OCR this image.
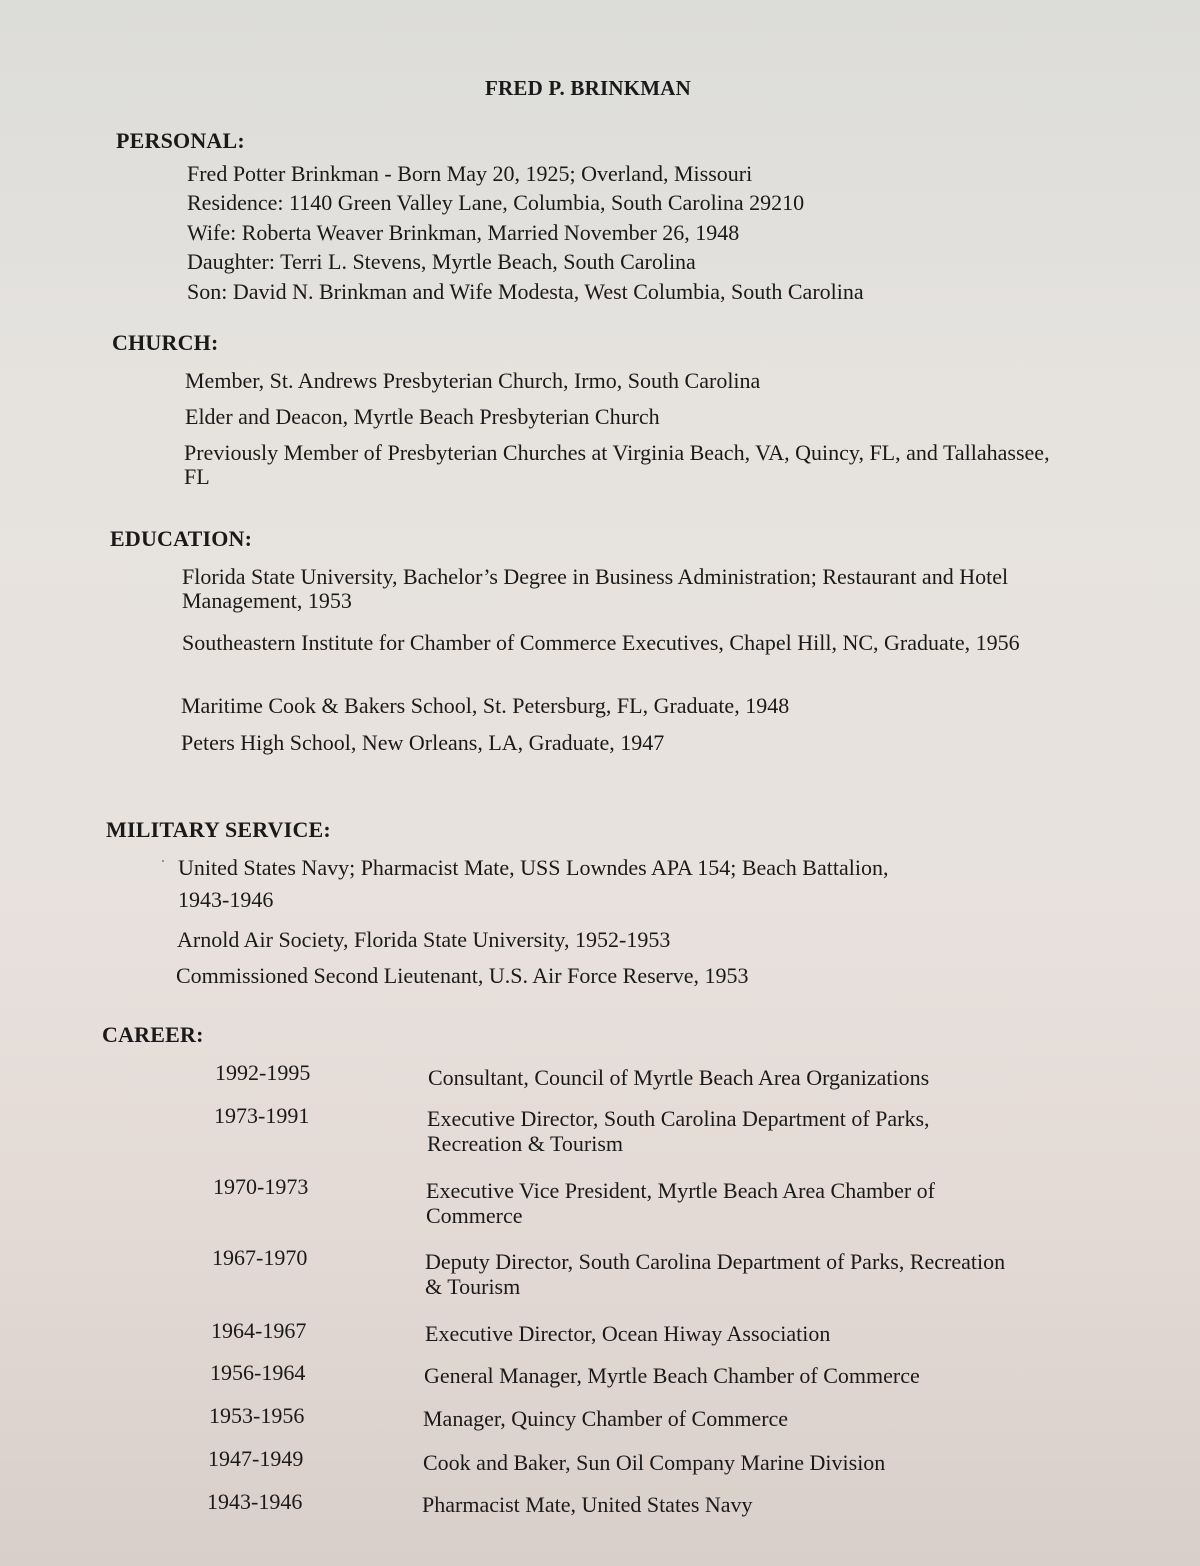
FRED P. BRINKMAN
PERSONAL:
Fred Potter Brinkman - Born May 20, 1925; Overland, Missouri
Residence: 1140 Green Valley Lane, Columbia, South Carolina 29210
Wife: Roberta Weaver Brinkman, Married November 26, 1948
Daughter: Terri L. Stevens, Myrtle Beach, South Carolina
Son: David N. Brinkman and Wife Modesta, West Columbia, South Carolina
CHURCH:
Member, St. Andrews Presbyterian Church, Irmo, South Carolina
Elder and Deacon, Myrtle Beach Presbyterian Church
Previously Member of Presbyterian Churches at Virginia Beach, VA, Quincy, FL, and Tallahassee, FL
EDUCATION:
Florida State University, Bachelor’s Degree in Business Administration; Restaurant and Hotel Management, 1953
Southeastern Institute for Chamber of Commerce Executives, Chapel Hill, NC, Graduate, 1956
Maritime Cook & Bakers School, St. Petersburg, FL, Graduate, 1948
Peters High School, New Orleans, LA, Graduate, 1947
MILITARY SERVICE:
United States Navy; Pharmacist Mate, USS Lowndes APA 154; Beach Battalion,
1943-1946
Arnold Air Society, Florida State University, 1952-1953
Commissioned Second Lieutenant, U.S. Air Force Reserve, 1953
CAREER:
1992-1995	Consultant, Council of Myrtle Beach Area Organizations
1973-1991	Executive Director, South Carolina Department of Parks, Recreation & Tourism
1970-1973	Executive Vice President, Myrtle Beach Area Chamber of Commerce
1967-1970	Deputy Director, South Carolina Department of Parks, Recreation & Tourism
1964-1967	Executive Director, Ocean Hiway Association
1956-1964	General Manager, Myrtle Beach Chamber of Commerce
1953-1956	Manager, Quincy Chamber of Commerce
1947-1949	Cook and Baker, Sun Oil Company Marine Division
1943-1946	Pharmacist Mate, United States Navy
